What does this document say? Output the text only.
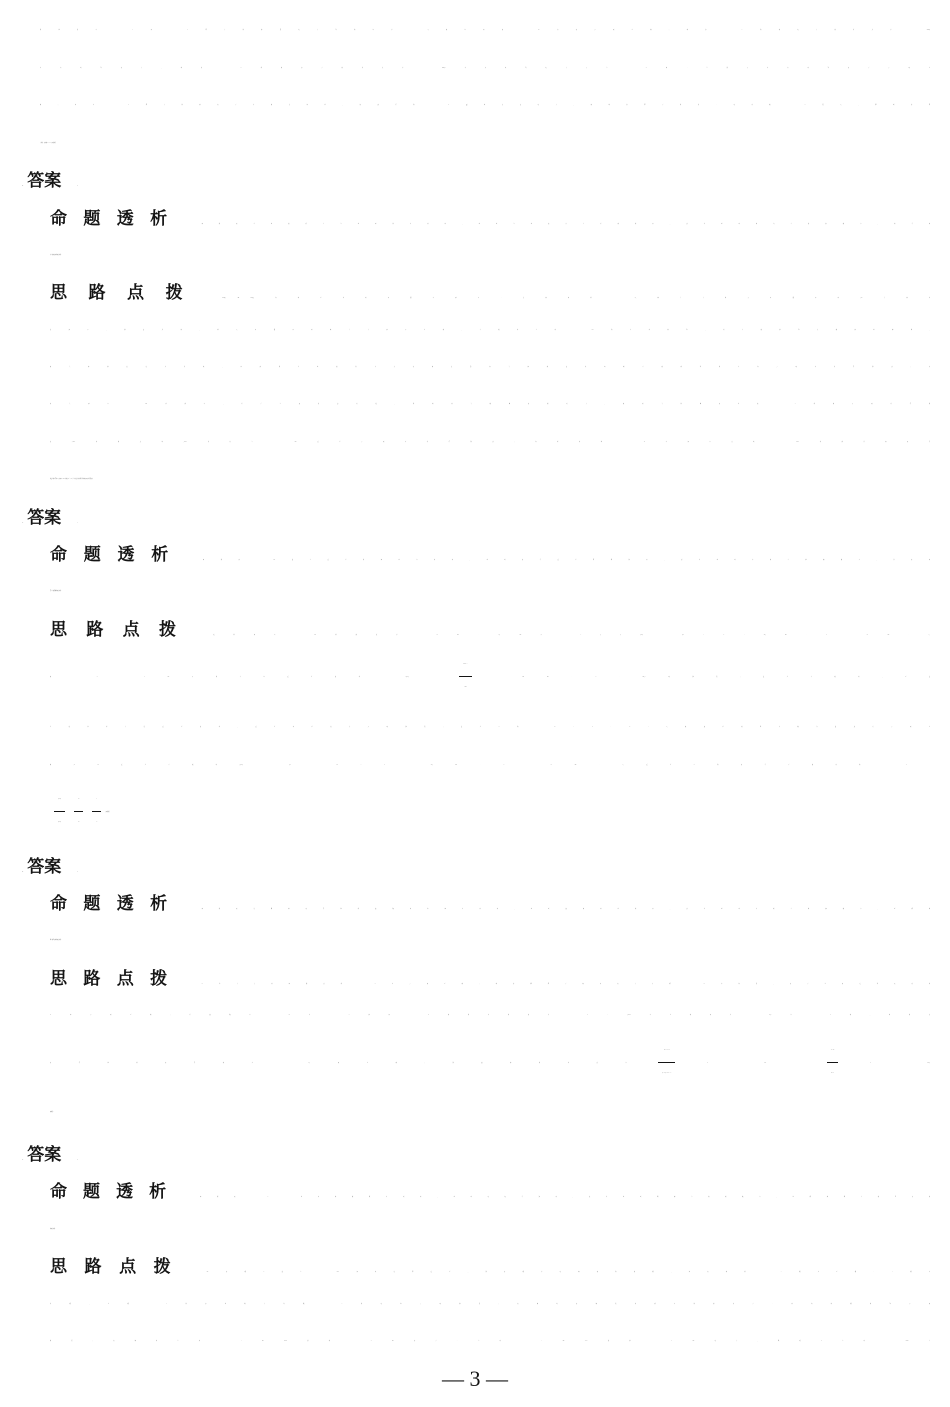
该物质中 X 和 Z 原子的价层电子对数均是 4,故均采取 sp 杂化,B 项正确;基态 C 的价电子排布式是 2s2p,2
个未成对电子,基态 O 的价电子排布式是 2s2p,2 个未成对电子,S 与 O 同一主族,2 个未成对电子,C 项正
确;因为 N 原子的价电子是稳定结构,比其后的 O 更难失去电子,故基态原子的第一电离能 N 最大,即基态原
子的第一电离能:C < O < N,D 项错误。
10. 答案	B
命题透析	本题以实验操作与实验目的为素材,考查实验设计与评价知识,意在考查探究与创新能力,科学探
究与创新意识的核心素养。
思路点拨	2NO(g)	⇌	NO(g),向恒压密闭容器中通入一定体积的 N,相当于增大容器容积,NO 气体密
度减小,颜色变浅,增大容器容积相当于减小压强,平衡向生成 NO 的方向移动,但平衡移动只能减弱影响,
故气体颜色还是变浅,因此该实验操作下无法通过最终气体颜色来判断平衡移动的方向,A 项不符合题意;将
氯气通入 NaS 溶液中,若产生淡黄色沉淀,说明氯气能氧化硫离子,故氯气的氧化性比 S 的强,B 项符合题
意;AgNO 溶液过量,AgNO 直接与 NaS 反应,C 项不符合题意;向有机物 M 中加入过量 NaOH 溶液并加热后
的反应液中含有 OH,再加入 AgNO 溶液,OH 与 Ag 产生沉淀干扰卤素原子的鉴别,D 项不符合题意。
11. 答案	C
命题透析	本题以 NO 发生反应的图像为素材,考查化学反应原理知识,意在考查分析与推测能力,变化观
念与平衡思想的核心素养。
思路点拨	起始加入 NO 的浓度是 3.8 mol · L,5 min 内 c	(NO) = (0.9 × 2 + 0.5) mol · L = 2.3 mol · L,
故 0 ~ 5 min 内的平均反应速率 v(NO) =	= 0.46 mol · L · min,A 项错误;反应平衡时,正反
应速率等于逆反应速率,反应仍在进行,B 项错误;反应②的 ΔH < 0、ΔS < 0,故其在低温下能自发进行,C 项正
确;T℃反应平衡时,c(NO) = (3.8 - 0.8 × 2 - 0.6) mol · L = 1.6 mol · L,反应②的化学平衡常数 K =
=	=	,D 项错误。
12. 答案	D
命题透析	本题以某铜硒化合物的晶胞结构图为素材,考查晶体结构知识,意在考查分析与推测能力,证据推
理与模型认知的核心素养。
思路点拨	Se 位于元素周期表的 p 区,A 项正确;基态铜原子核外电子占据 15 个轨道,电子空间运动状态有
15 种,B 项正确;若晶胞中 Cu 为 +1 价和 +2 价的个数比是 2 ∶ 1,CuSe 中正价和是 +4,Se 为 -2 价,则满足
化合物的化合价为 0,C 项正确;该晶体的密度为	g · cm =	g · cm,D
项错误。
13. 答案	D
命题透析	本题以 5 - 羟甲基糠醛为素材,考查电化学知识,意在考查理解与辨析能力,证据推理与模型认知
的核心素养。
思路点拨	Ag/C 电极上发生 HMF 加氢还原反应,该电极是电解池的阴极,则电源的 X 极为正极、Y 极为
负极,正极 X 的电势高于负极 Y 的电势,A 项错误;电解时电解质溶液中的阴离子一般向阳极移动,B 项
错误;电解时生成 1 mol BHMF 转移 2 mol 电子、生成 1 mol FDCA 转移 6 mol 电子,理论上生成 BHMF 与
— 3 —
